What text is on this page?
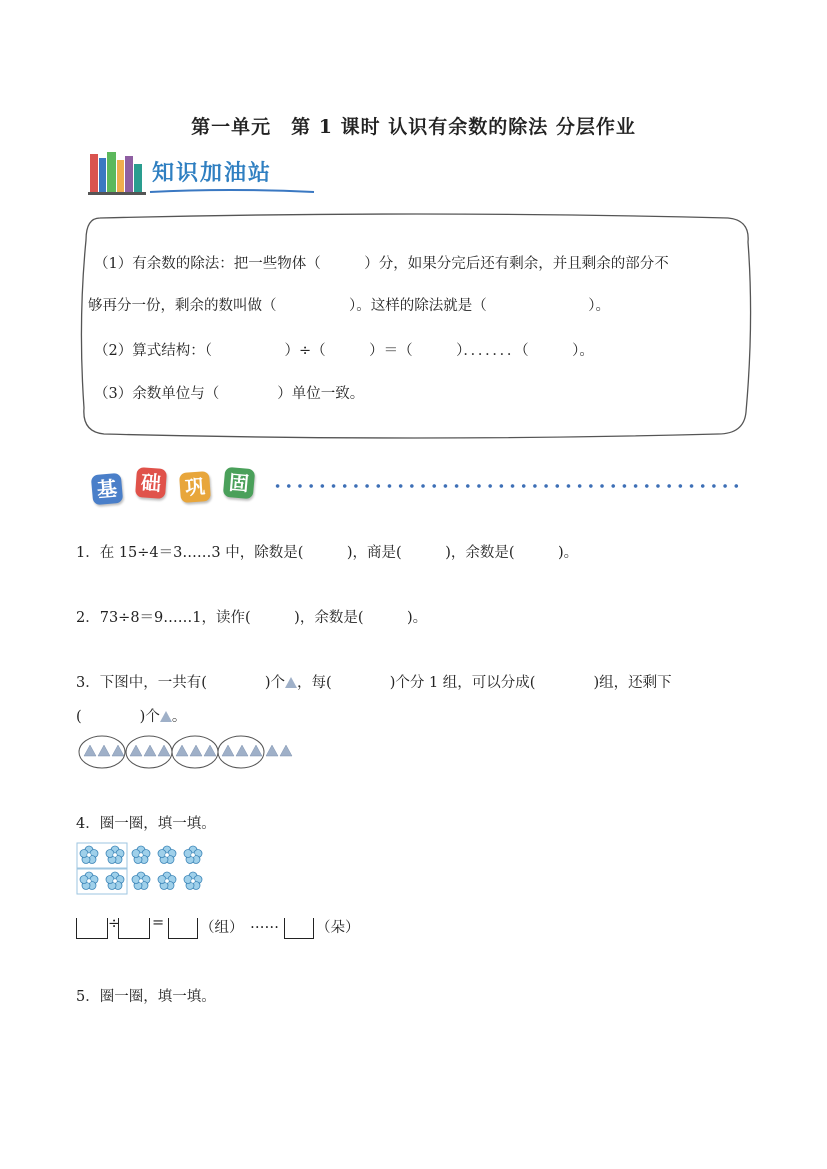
第一单元　第 1 课时 认识有余数的除法 分层作业
知识加油站
（1）有余数的除法：把一些物体（　　　）分，如果分完后还有剩余，并且剩余的部分不
够再分一份，剩余的数叫做（　　　　　）。这样的除法就是（　　　　　　　）。
（2）算式结构：（　　　　　）÷（　　　）＝（　　　）．．．．．．．（　　　）。
（3）余数单位与（　　　　）单位一致。
基 础 巩 固
1．在 15÷4＝3……3 中，除数是(　　　)，商是(　　　)，余数是(　　　)。
2．73÷8＝9……1，读作(　　　)，余数是(　　　)。
3．下图中，一共有(　　　　)个 ，每(　　　　)个分 1 组，可以分成(　　　　)组，还剩下
(　　　　)个 。
4．圈一圈，填一填。
÷ = （组） ……	（朵）
5．圈一圈，填一填。
